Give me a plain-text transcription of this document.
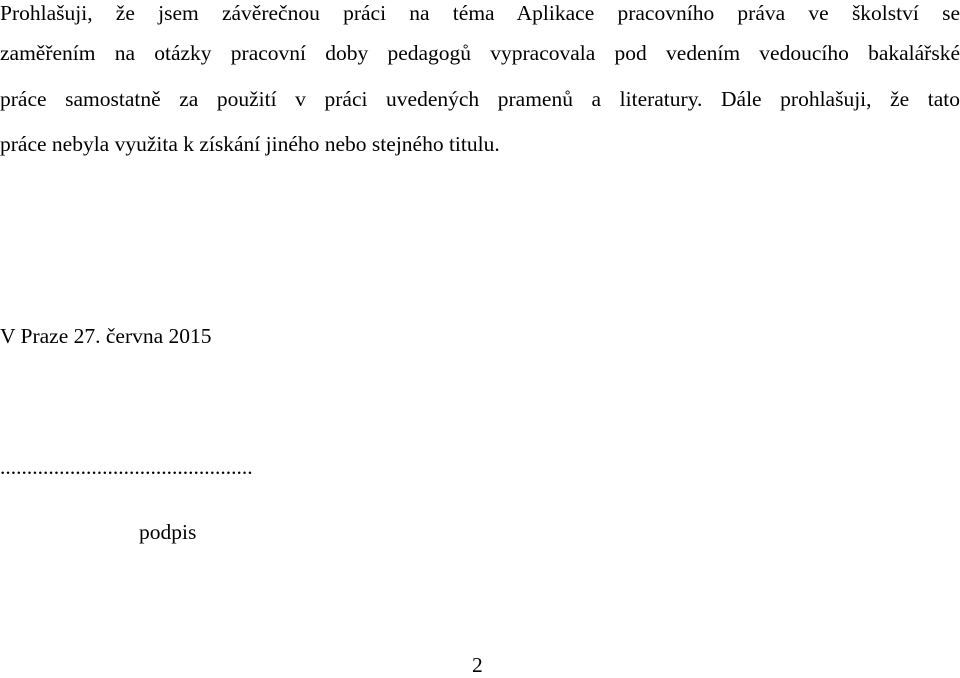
Prohlašuji, že jsem závěrečnou práci na téma Aplikace pracovního práva ve školství se
zaměřením na otázky pracovní doby pedagogů vypracovala pod vedením vedoucího bakalářské
práce samostatně za použití v práci uvedených pramenů a literatury. Dále prohlašuji, že tato
práce nebyla využita k získání jiného nebo stejného titulu.
V Praze 27. června 2015
...............................................
podpis
2
